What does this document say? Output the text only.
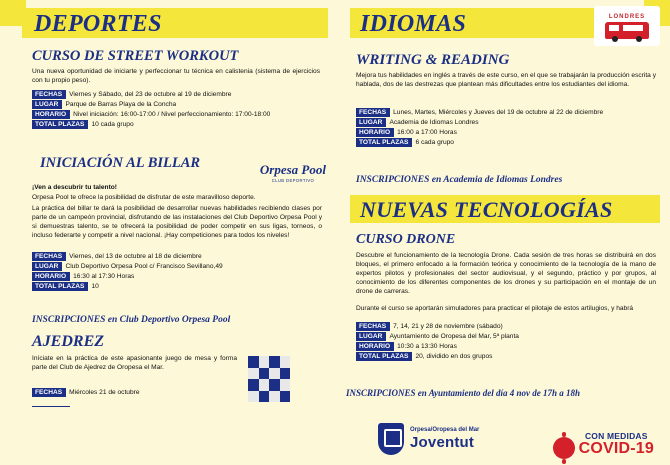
DEPORTES
CURSO DE STREET WORKOUT

Una nueva oportunidad de iniciarte y perfeccionar tu técnica en calistenia (sistema de ejercicios con tu propio peso).

FECHAS	Viernes y Sábado, del 23 de octubre al 19 de diciembre
LUGAR	Parque de Barras Playa de la Concha
HORARIO	Nivel iniciación: 16:00-17:00 / Nivel perfeccionamiento: 17:00-18:00
TOTAL PLAZAS	10 cada grupo
INICIACIÓN AL BILLAR	Orpesa Pool
CLUB DEPORTIVO

¡Ven a descubrir tu talento!

Orpesa Pool te ofrece la posibilidad de disfrutar de este maravilloso deporte.

La práctica del billar te dará la posibilidad de desarrollar nuevas habilidades recibiendo clases por parte de un campeón provincial, disfrutando de las instalaciones del Club Deportivo Orpesa Pool y si demuestras talento, se te ofrecerá la posibilidad de poder competir en sus ligas, torneos, o incluso federarte y competir a nivel nacional. ¡Hay competiciones para todos los niveles!

FECHAS	Viernes, del 13 de octubre al 18 de diciembre
LUGAR	Club Deportivo Orpesa Pool c/ Francisco Sevillano,49
HORARIO	16:30 al 17:30 Horas
TOTAL PLAZAS	10

INSCRIPCIONES en Club Deportivo Orpesa Pool

AJEDREZ

Iníciate en la práctica de este apasionante juego de mesa y forma parte del Club de Ajedrez de Oropesa el Mar.

FECHAS	Miércoles 21 de octubre

IDIOMAS	LONDRES
WRITING & READING

Mejora tus habilidades en inglés a través de este curso, en el que se trabajarán la producción escrita y hablada, dos de las destrezas que plantean más dificultades entre los estudiantes del idioma.

FECHAS	Lunes, Martes, Miércoles y Jueves del 19 de octubre al 22 de diciembre
LUGAR	Academia de Idiomas Londres
HORARIO	16:00 a 17:00 Horas
TOTAL PLAZAS	6 cada grupo

INSCRIPCIONES en Academia de Idiomas Londres

NUEVAS TECNOLOGÍAS
CURSO DRONE

Descubre el funcionamiento de la tecnología Drone. Cada sesión de tres horas se distribuirá en dos bloques, el primero enfocado a la formación teórica y conocimiento de la tecnología de la mano de expertos pilotos y profesionales del sector audiovisual, y el segundo, práctico y por grupos, al conocimiento de los diferentes componentes de los drones y su participación en el montaje de un drone de carreras.

Durante el curso se aportarán simuladores para practicar el pilotaje de estos artilugios, y habrá

FECHAS	7, 14, 21 y 28 de noviembre (sábado)
LUGAR	Ayuntamiento de Oropesa del Mar, 5ª planta
HORARIO	10:30 a 13:30 Horas
TOTAL PLAZAS	20, dividido en dos grupos

INSCRIPCIONES en Ayuntamiento del día 4 nov de 17h a 18h

Orpesa/Oropesa del Mar
Joventut	CON MEDIDAS
COVID-19
